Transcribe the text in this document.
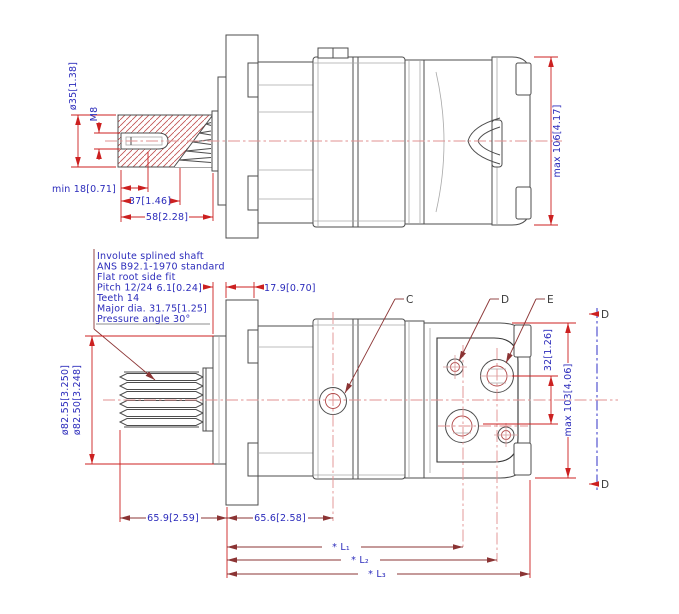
D
D
ø35[1.38]
M8
min 18[0.71]
37[1.46]
58[2.28]
max 106[4.17]
Involute splined shaft
ANS B92.1-1970 standard
Flat root side fit
Pitch 12/24
Teeth 14
Major dia. 31.75[1.25]
Pressure angle 30°
ø82.55[3.250] ø82.50[3.248]
6.1[0.24]	17.9[0.70]
32[1.26]
max 103[4.06]
65.9[2.59]	65.6[2.58]
* L₁
* L₂
* L₃
C	D	E
